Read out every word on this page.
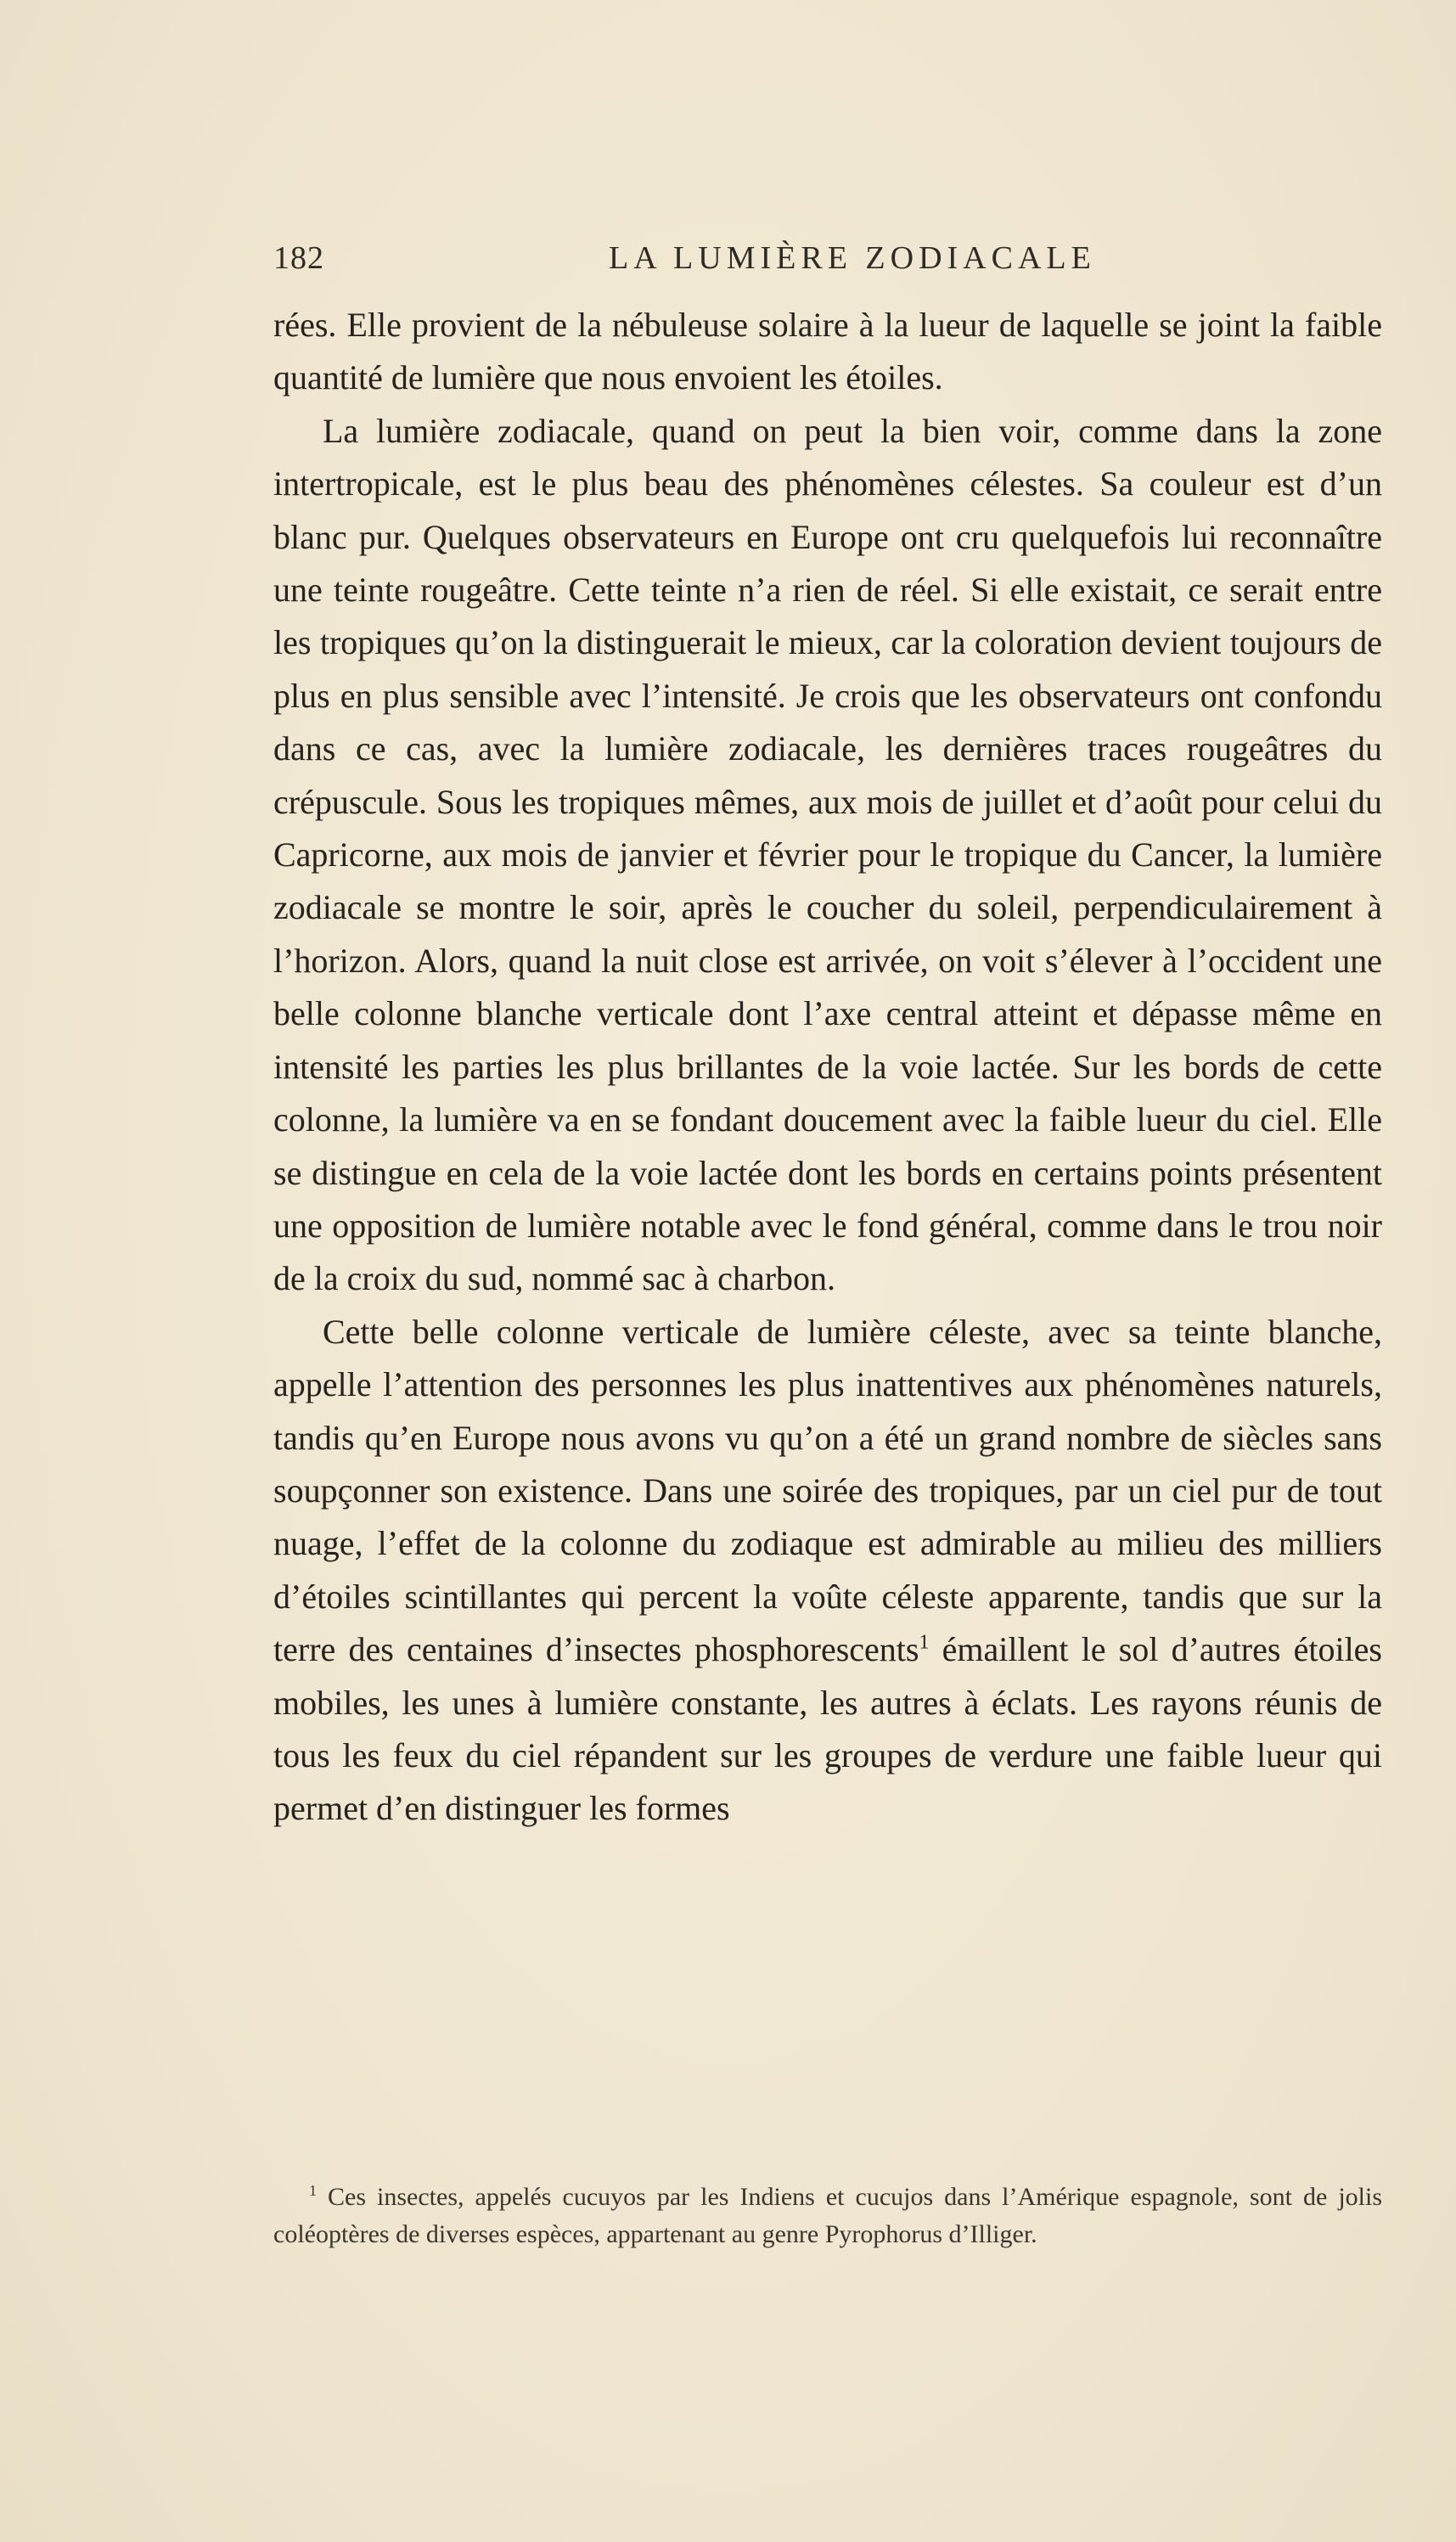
182	LA LUMIÈRE ZODIACALE

rées. Elle provient de la nébuleuse solaire à la lueur de laquelle se joint la faible quantité de lumière que nous envoient les étoiles.

La lumière zodiacale, quand on peut la bien voir, comme dans la zone intertropicale, est le plus beau des phénomènes célestes. Sa couleur est d’un blanc pur. Quelques observateurs en Europe ont cru quelquefois lui reconnaître une teinte rougeâtre. Cette teinte n’a rien de réel. Si elle existait, ce serait entre les tropiques qu’on la distinguerait le mieux, car la coloration devient toujours de plus en plus sensible avec l’intensité. Je crois que les observateurs ont confondu dans ce cas, avec la lumière zodiacale, les dernières traces rougeâtres du crépuscule. Sous les tropiques mêmes, aux mois de juillet et d’août pour celui du Capricorne, aux mois de janvier et février pour le tropique du Cancer, la lumière zodiacale se montre le soir, après le coucher du soleil, perpendiculairement à l’horizon. Alors, quand la nuit close est arrivée, on voit s’élever à l’occident une belle colonne blanche verticale dont l’axe central atteint et dépasse même en intensité les parties les plus brillantes de la voie lactée. Sur les bords de cette colonne, la lumière va en se fondant doucement avec la faible lueur du ciel. Elle se distingue en cela de la voie lactée dont les bords en certains points présentent une opposition de lumière notable avec le fond général, comme dans le trou noir de la croix du sud, nommé sac à charbon.

Cette belle colonne verticale de lumière céleste, avec sa teinte blanche, appelle l’attention des personnes les plus inattentives aux phénomènes naturels, tandis qu’en Europe nous avons vu qu’on a été un grand nombre de siècles sans soupçonner son existence. Dans une soirée des tropiques, par un ciel pur de tout nuage, l’effet de la colonne du zodiaque est admirable au milieu des milliers d’étoiles scintillantes qui percent la voûte céleste apparente, tandis que sur la terre des centaines d’insectes phosphorescents$^1$ émaillent le sol d’autres étoiles mobiles, les unes à lumière constante, les autres à éclats. Les rayons réunis de tous les feux du ciel répandent sur les groupes de verdure une faible lueur qui permet d’en distinguer les formes

$^1$ Ces insectes, appelés cucuyos par les Indiens et cucujos dans l’Amérique espagnole, sont de jolis coléoptères de diverses espèces, appartenant au genre Pyrophorus d’Illiger.
